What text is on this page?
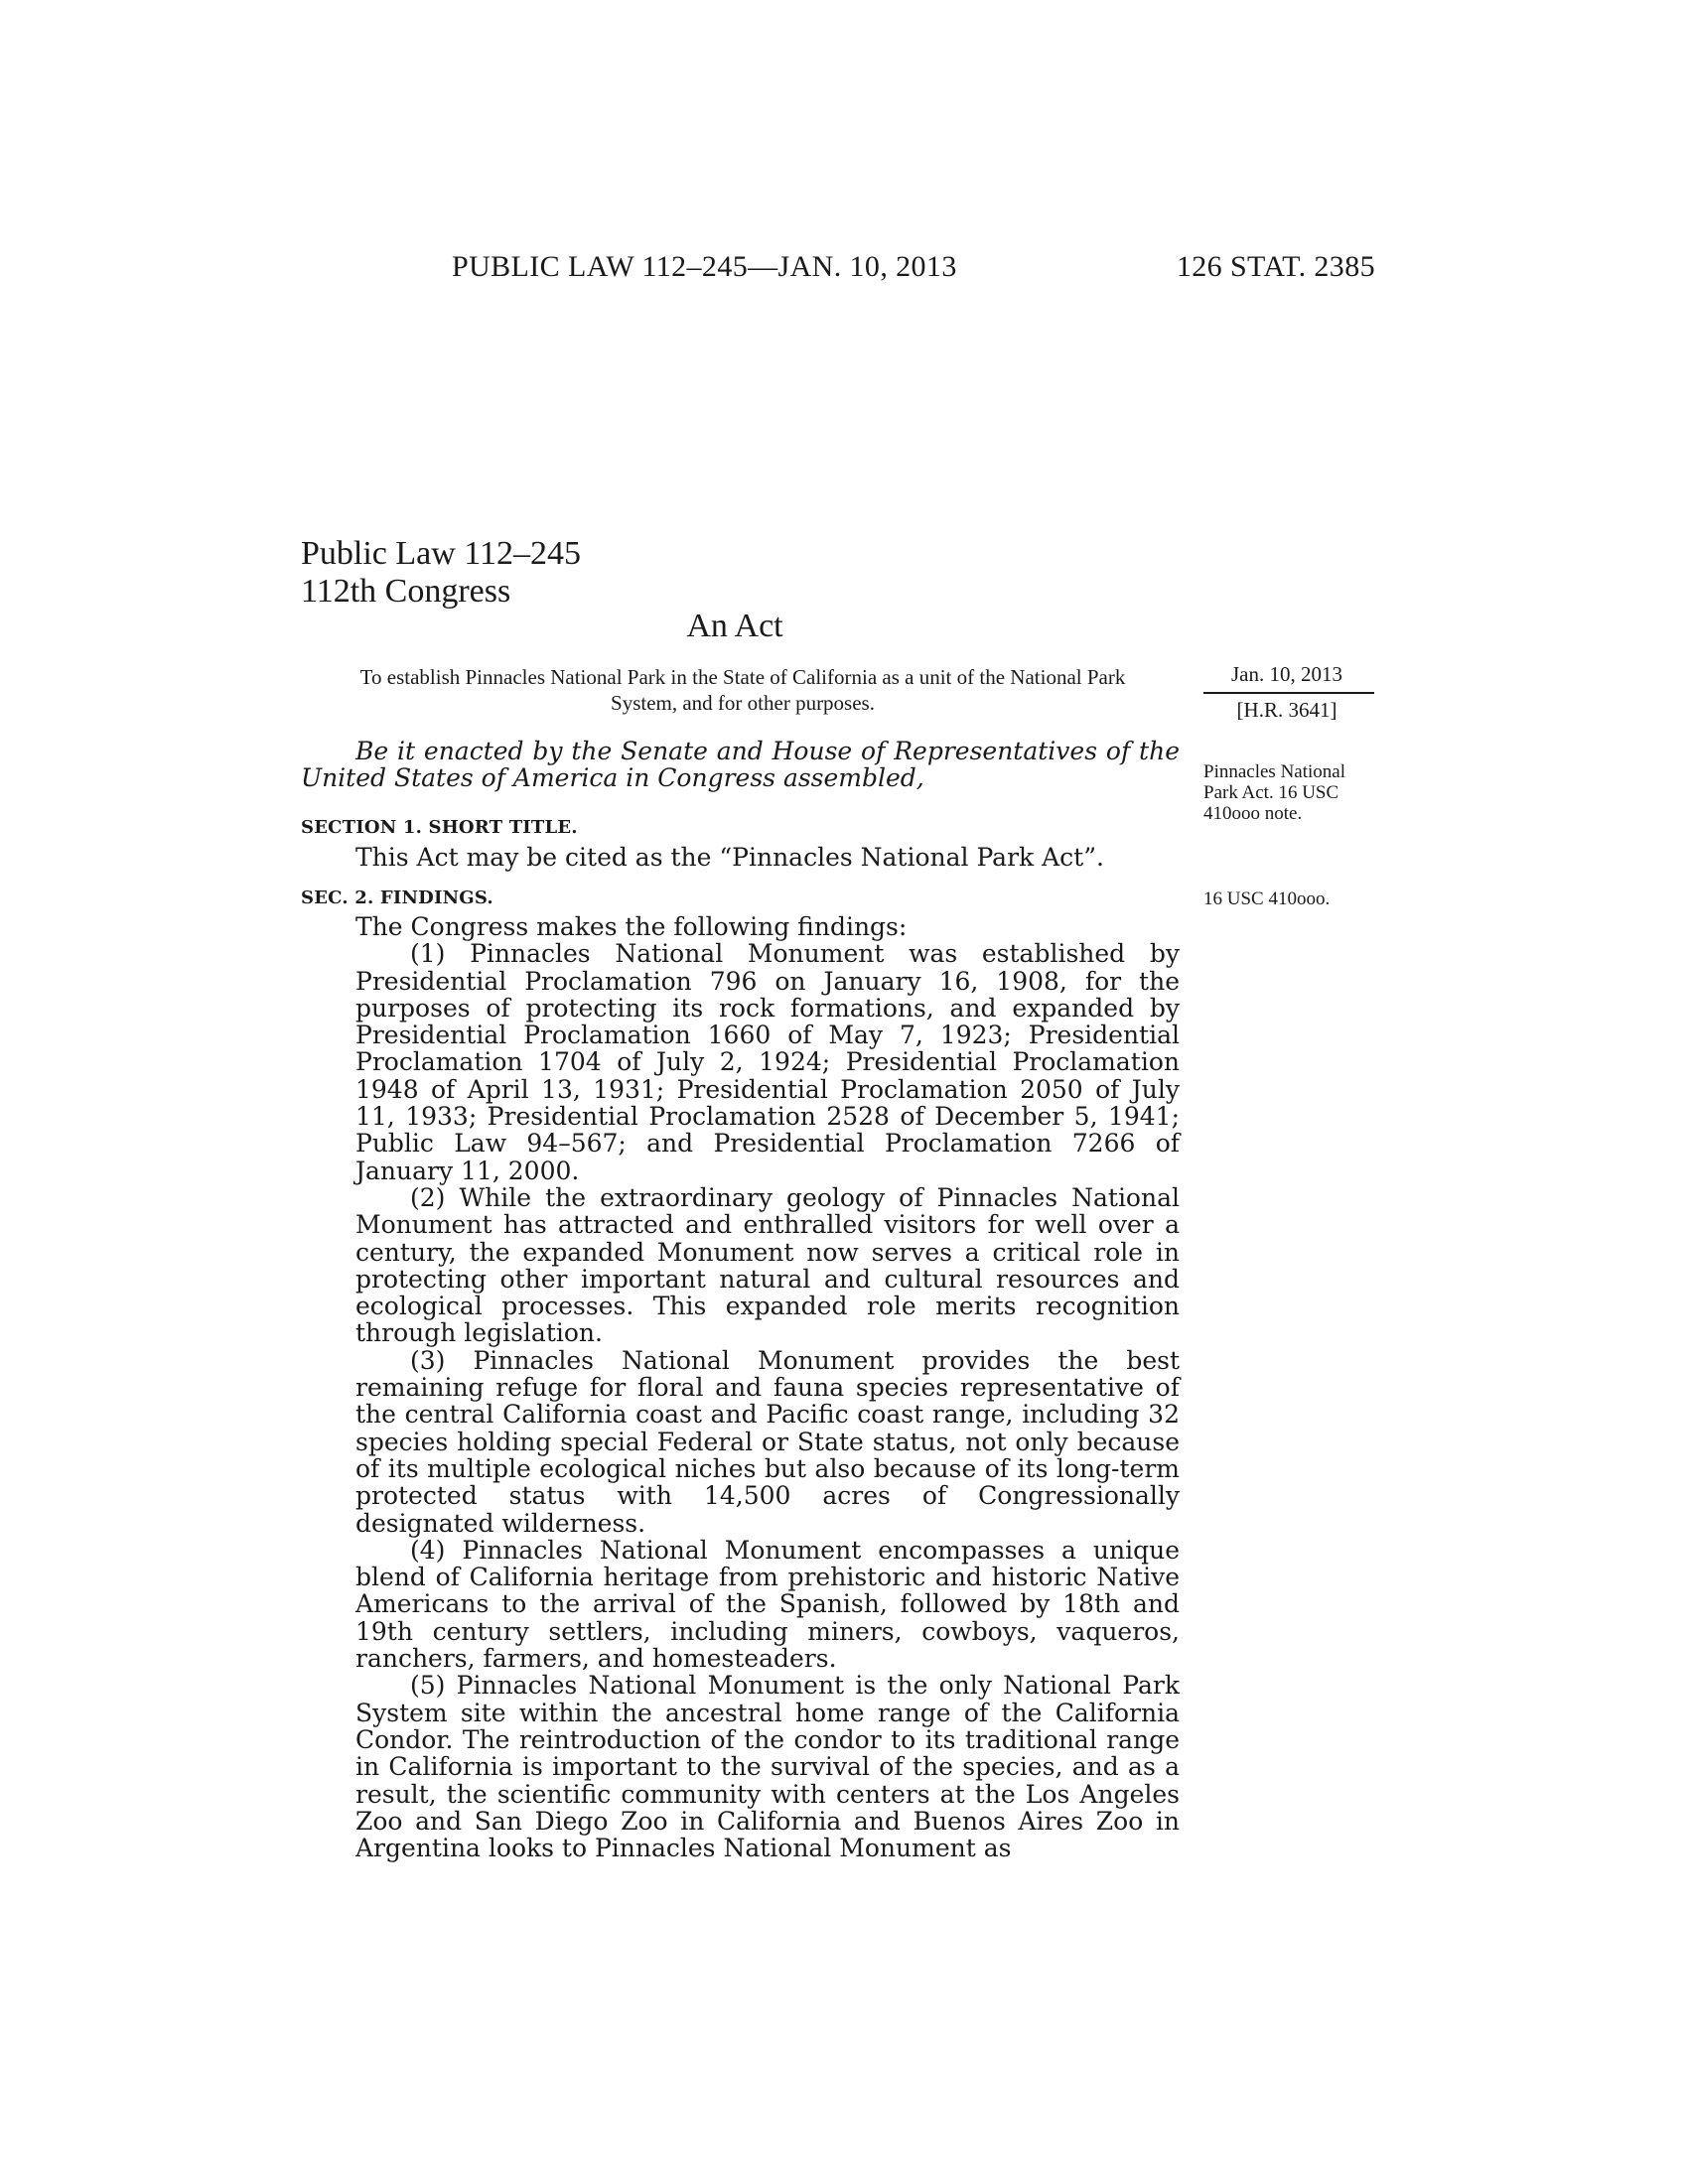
PUBLIC LAW 112–245—JAN. 10, 2013	126 STAT. 2385
Public Law 112–245
112th Congress
An Act
To establish Pinnacles National Park in the State of California as a unit of the National Park System, and for other purposes.
Jan. 10, 2013
[H.R. 3641]
Pinnacles National Park Act. 16 USC 410ooo note.
16 USC 410ooo.
Be it enacted by the Senate and House of Representatives of the United States of America in Congress assembled,
SECTION 1. SHORT TITLE.
This Act may be cited as the “Pinnacles National Park Act”.
SEC. 2. FINDINGS.

The Congress makes the following findings:

(1) Pinnacles National Monument was established by Presidential Proclamation 796 on January 16, 1908, for the purposes of protecting its rock formations, and expanded by Presidential Proclamation 1660 of May 7, 1923; Presidential Proclamation 1704 of July 2, 1924; Presidential Proclamation 1948 of April 13, 1931; Presidential Proclamation 2050 of July 11, 1933; Presidential Proclamation 2528 of December 5, 1941; Public Law 94–567; and Presidential Proclamation 7266 of January 11, 2000.

(2) While the extraordinary geology of Pinnacles National Monument has attracted and enthralled visitors for well over a century, the expanded Monument now serves a critical role in protecting other important natural and cultural resources and ecological processes. This expanded role merits recognition through legislation.

(3) Pinnacles National Monument provides the best remaining refuge for floral and fauna species representative of the central California coast and Pacific coast range, including 32 species holding special Federal or State status, not only because of its multiple ecological niches but also because of its long-term protected status with 14,500 acres of Congressionally designated wilderness.

(4) Pinnacles National Monument encompasses a unique blend of California heritage from prehistoric and historic Native Americans to the arrival of the Spanish, followed by 18th and 19th century settlers, including miners, cowboys, vaqueros, ranchers, farmers, and homesteaders.

(5) Pinnacles National Monument is the only National Park System site within the ancestral home range of the California Condor. The reintroduction of the condor to its traditional range in California is important to the survival of the species, and as a result, the scientific community with centers at the Los Angeles Zoo and San Diego Zoo in California and Buenos Aires Zoo in Argentina looks to Pinnacles National Monument as
